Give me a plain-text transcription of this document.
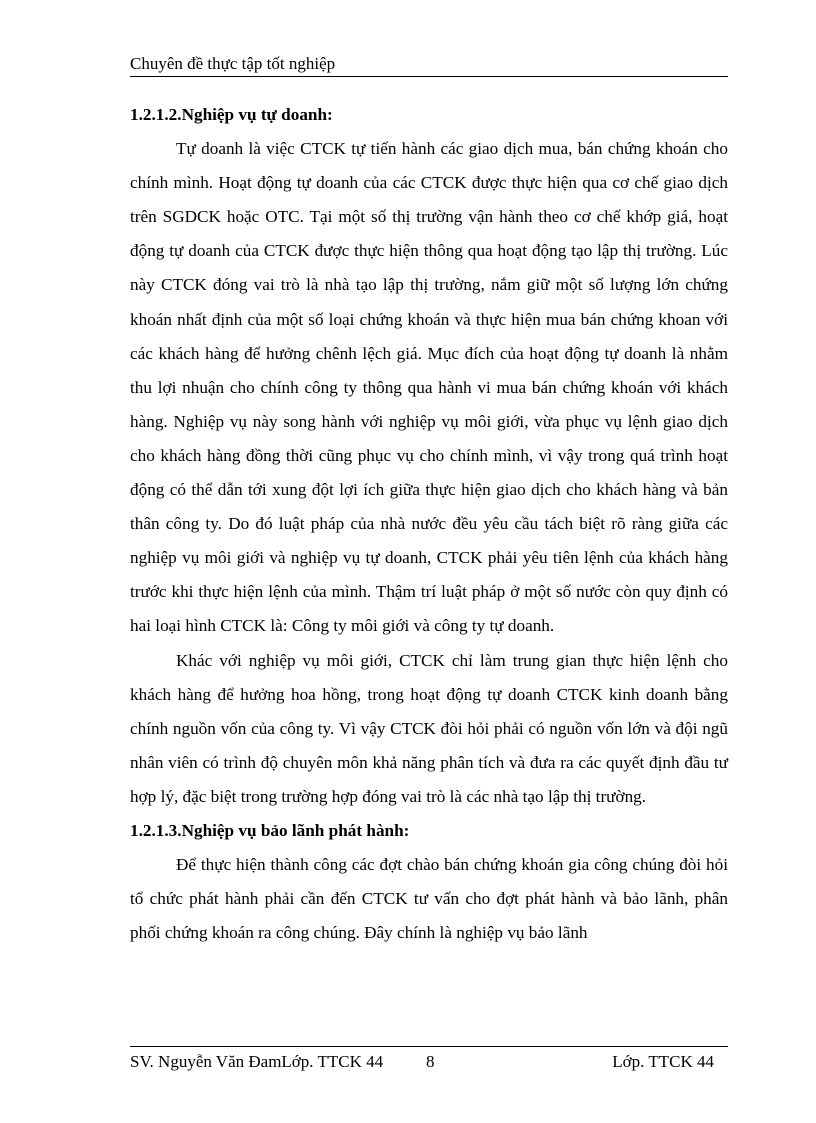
Chuyên đề thực tập tốt nghiệp

1.2.1.2.Nghiệp vụ tự doanh:

Tự doanh là việc CTCK tự tiến hành các giao dịch mua, bán chứng khoán cho chính mình. Hoạt động tự doanh của các CTCK được thực hiện qua cơ chế giao dịch trên SGDCK hoặc OTC. Tại một số thị trường vận hành theo cơ chế khớp giá, hoạt động tự doanh của CTCK được thực hiện thông qua hoạt động tạo lập thị trường. Lúc này CTCK đóng vai trò là nhà tạo lập thị trường, nắm giữ một số lượng lớn chứng khoán nhất định của một số loại chứng khoán và thực hiện mua bán chứng khoan với các khách hàng để hưởng chênh lệch giá. Mục đích của hoạt động tự doanh là nhằm thu lợi nhuận cho chính công ty thông qua hành vi mua bán chứng khoán với khách hàng. Nghiệp vụ này song hành với nghiệp vụ môi giới, vừa phục vụ lệnh giao dịch cho khách hàng đồng thời cũng phục vụ cho chính mình, vì vậy trong quá trình hoạt động có thể dẫn tới xung đột lợi ích giữa thực hiện giao dịch cho khách hàng và bản thân công ty. Do đó luật pháp của nhà nước đều yêu cầu tách biệt rõ ràng giữa các nghiệp vụ môi giới và nghiệp vụ tự doanh, CTCK phải yêu tiên lệnh của khách hàng trước khi thực hiện lệnh của mình. Thậm trí luật pháp ở một số nước còn quy định có hai loại hình CTCK là: Công ty môi giới và công ty tự doanh.

Khác với nghiệp vụ môi giới, CTCK chỉ làm trung gian thực hiện lệnh cho khách hàng để hưởng hoa hồng, trong hoạt động tự doanh CTCK kinh doanh bằng chính nguồn vốn của công ty. Vì vậy CTCK đòi hỏi phải có nguồn vốn lớn và đội ngũ nhân viên có trình độ chuyên môn khả năng phân tích và đưa ra các quyết định đầu tư hợp lý, đặc biệt trong trường hợp đóng vai trò là các nhà tạo lập thị trường.

1.2.1.3.Nghiệp vụ bảo lãnh phát hành:

Để thực hiện thành công các đợt chào bán chứng khoán gia công chúng đòi hỏi tổ chức phát hành phải cần đến CTCK tư vấn cho đợt phát hành và bảo lãnh, phân phối chứng khoán ra công chúng. Đây chính là nghiệp vụ bảo lãnh

SV. Nguyễn Văn ĐamLớp. TTCK 44	8	Lớp. TTCK 44
